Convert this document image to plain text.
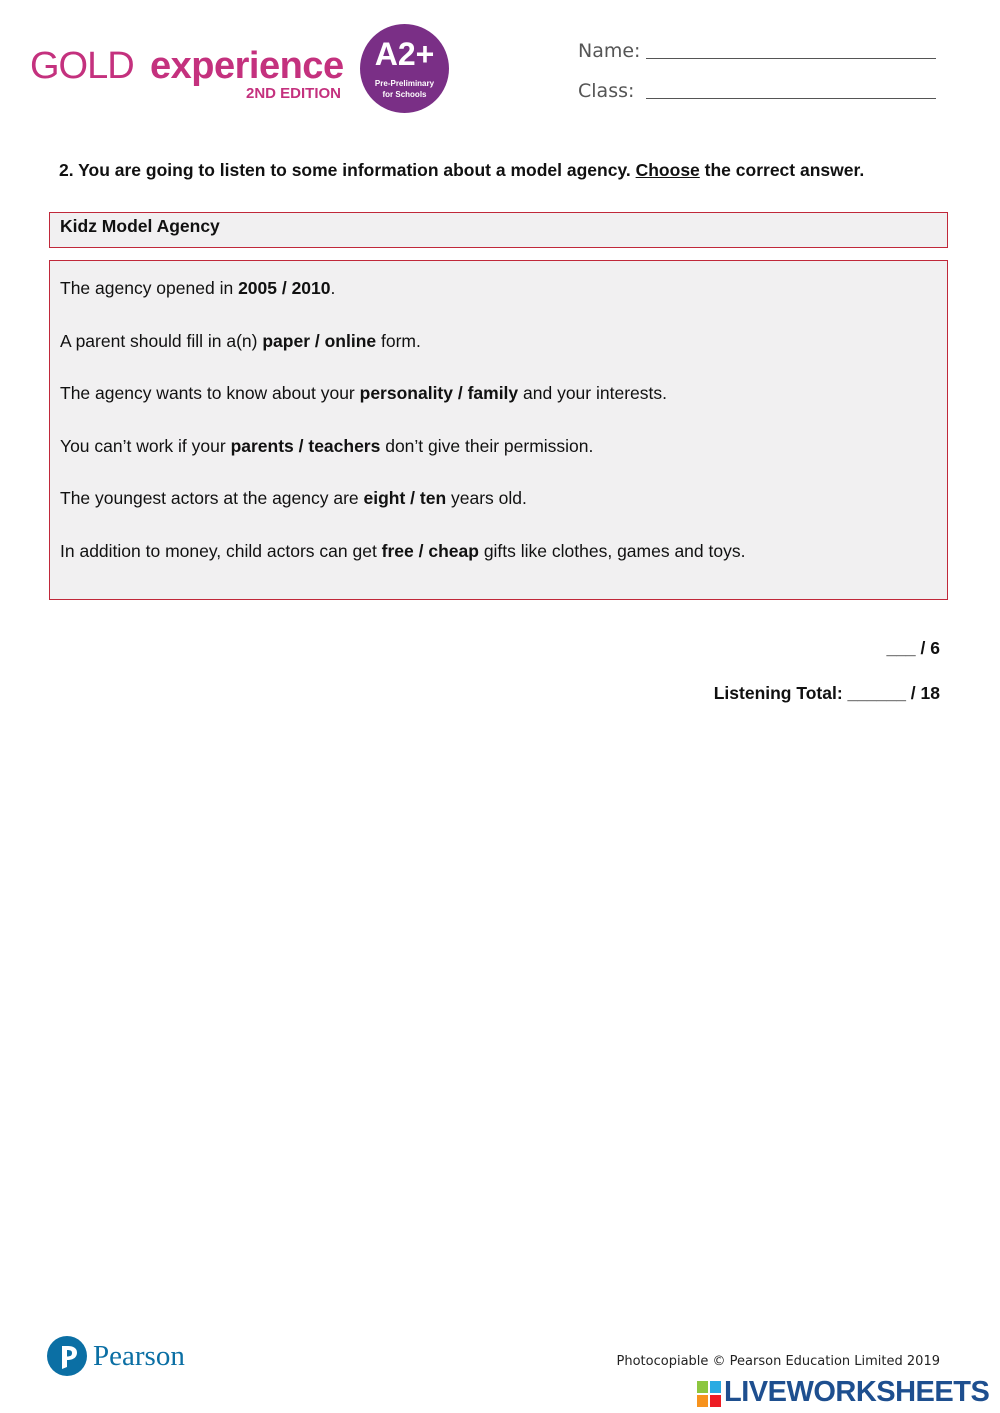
GOLD experience
2ND EDITION
A2+
Pre-Preliminary
for Schools
Name:
Class:
2. You are going to listen to some information about a model agency. Choose the correct answer.
Kidz Model Agency
The agency opened in 2005 / 2010.
A parent should fill in a(n) paper / online form.
The agency wants to know about your personality / family and your interests.
You can’t work if your parents / teachers don’t give their permission.
The youngest actors at the agency are eight / ten years old.
In addition to money, child actors can get free / cheap gifts like clothes, games and toys.
___ / 6
Listening Total: ______ / 18
Pearson	Photocopiable © Pearson Education Limited 2019
LIVEWORKSHEETS
